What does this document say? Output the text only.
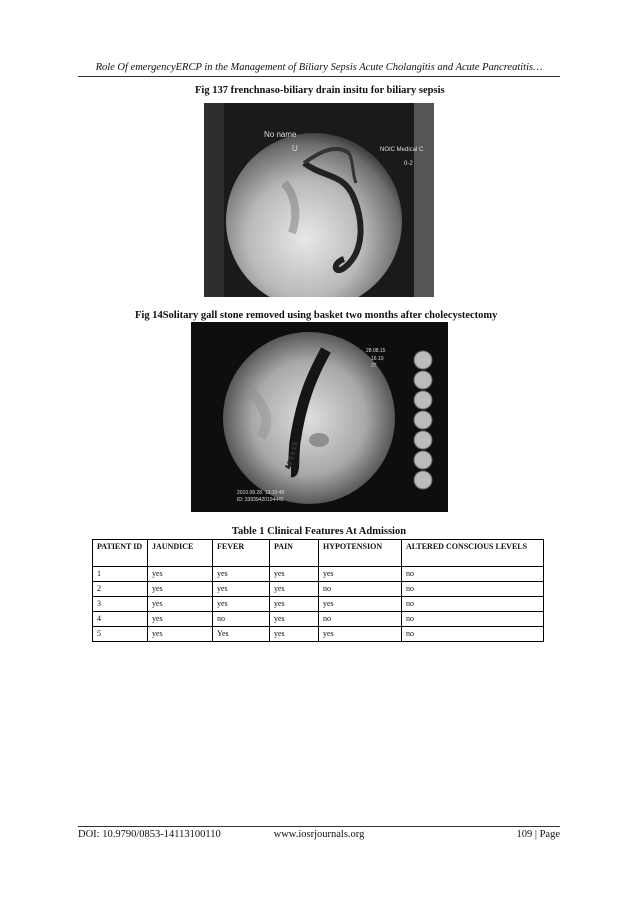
Role Of emergencyERCP in the Management of Biliary Sepsis Acute Cholangitis and Acute Pancreatitis…
Fig 137 frenchnaso-biliary drain insitu for biliary sepsis
No name
U	NOIC Medical C
0-2
Fig 14Solitary gall stone removed using basket two months after cholecystectomy
28.08.15
16.10
JT
2010.08.28. 13:10:45
ID: 33939420194445
Table 1 Clinical Features At Admission
PATIENT ID	JAUNDICE	FEVER	PAIN	HYPOTENSION	ALTERED CONSCIOUS LEVELS
1	yes	yes	yes	yes	no
2	yes	yes	yes	no	no
3	yes	yes	yes	yes	no
4	yes	no	yes	no	no
5	yes	Yes	yes	yes	no
DOI: 10.9790/0853-14113100110	www.iosrjournals.org	109 | Page
